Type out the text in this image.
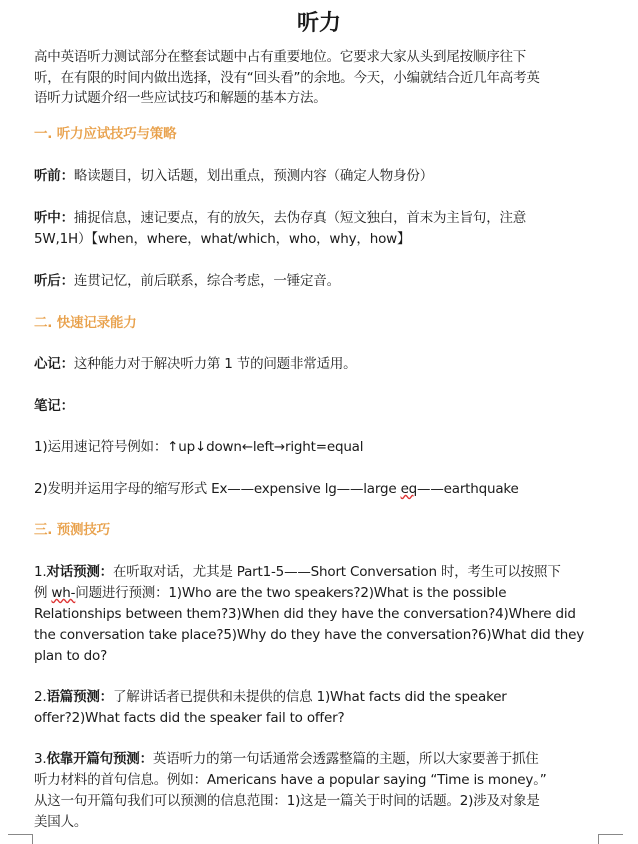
听力
高中英语听力测试部分在整套试题中占有重要地位。它要求大家从头到尾按顺序往下
听，在有限的时间内做出选择，没有“回头看”的余地。今天，小编就结合近几年高考英
语听力试题介绍一些应试技巧和解题的基本方法。
一. 听力应试技巧与策略
听前：略读题目，切入话题，划出重点，预测内容（确定人物身份）
听中：捕捉信息，速记要点，有的放矢，去伪存真（短文独白，首末为主旨句，注意
5W,1H）【when，where，what/which，who，why，how】
听后：连贯记忆，前后联系，综合考虑，一锤定音。
二. 快速记录能力
心记：这种能力对于解决听力第 1 节的问题非常适用。
笔记：
1)运用速记符号例如：↑up↓down←left→right=equal
2)发明并运用字母的缩写形式 Ex——expensive lg——large eq——earthquake
三. 预测技巧
1.对话预测：在听取对话，尤其是 Part1-5——Short Conversation 时，考生可以按照下
例 wh-问题进行预测：1)Who are the two speakers?2)What is the possible
Relationships between them?3)When did they have the conversation?4)Where did
the conversation take place?5)Why do they have the conversation?6)What did they
plan to do?
2.语篇预测：了解讲话者已提供和未提供的信息 1)What facts did the speaker
offer?2)What facts did the speaker fail to offer?
3.依靠开篇句预测：英语听力的第一句话通常会透露整篇的主题，所以大家要善于抓住
听力材料的首句信息。例如：Americans have a popular saying “Time is money。”
从这一句开篇句我们可以预测的信息范围：1)这是一篇关于时间的话题。2)涉及对象是
美国人。
